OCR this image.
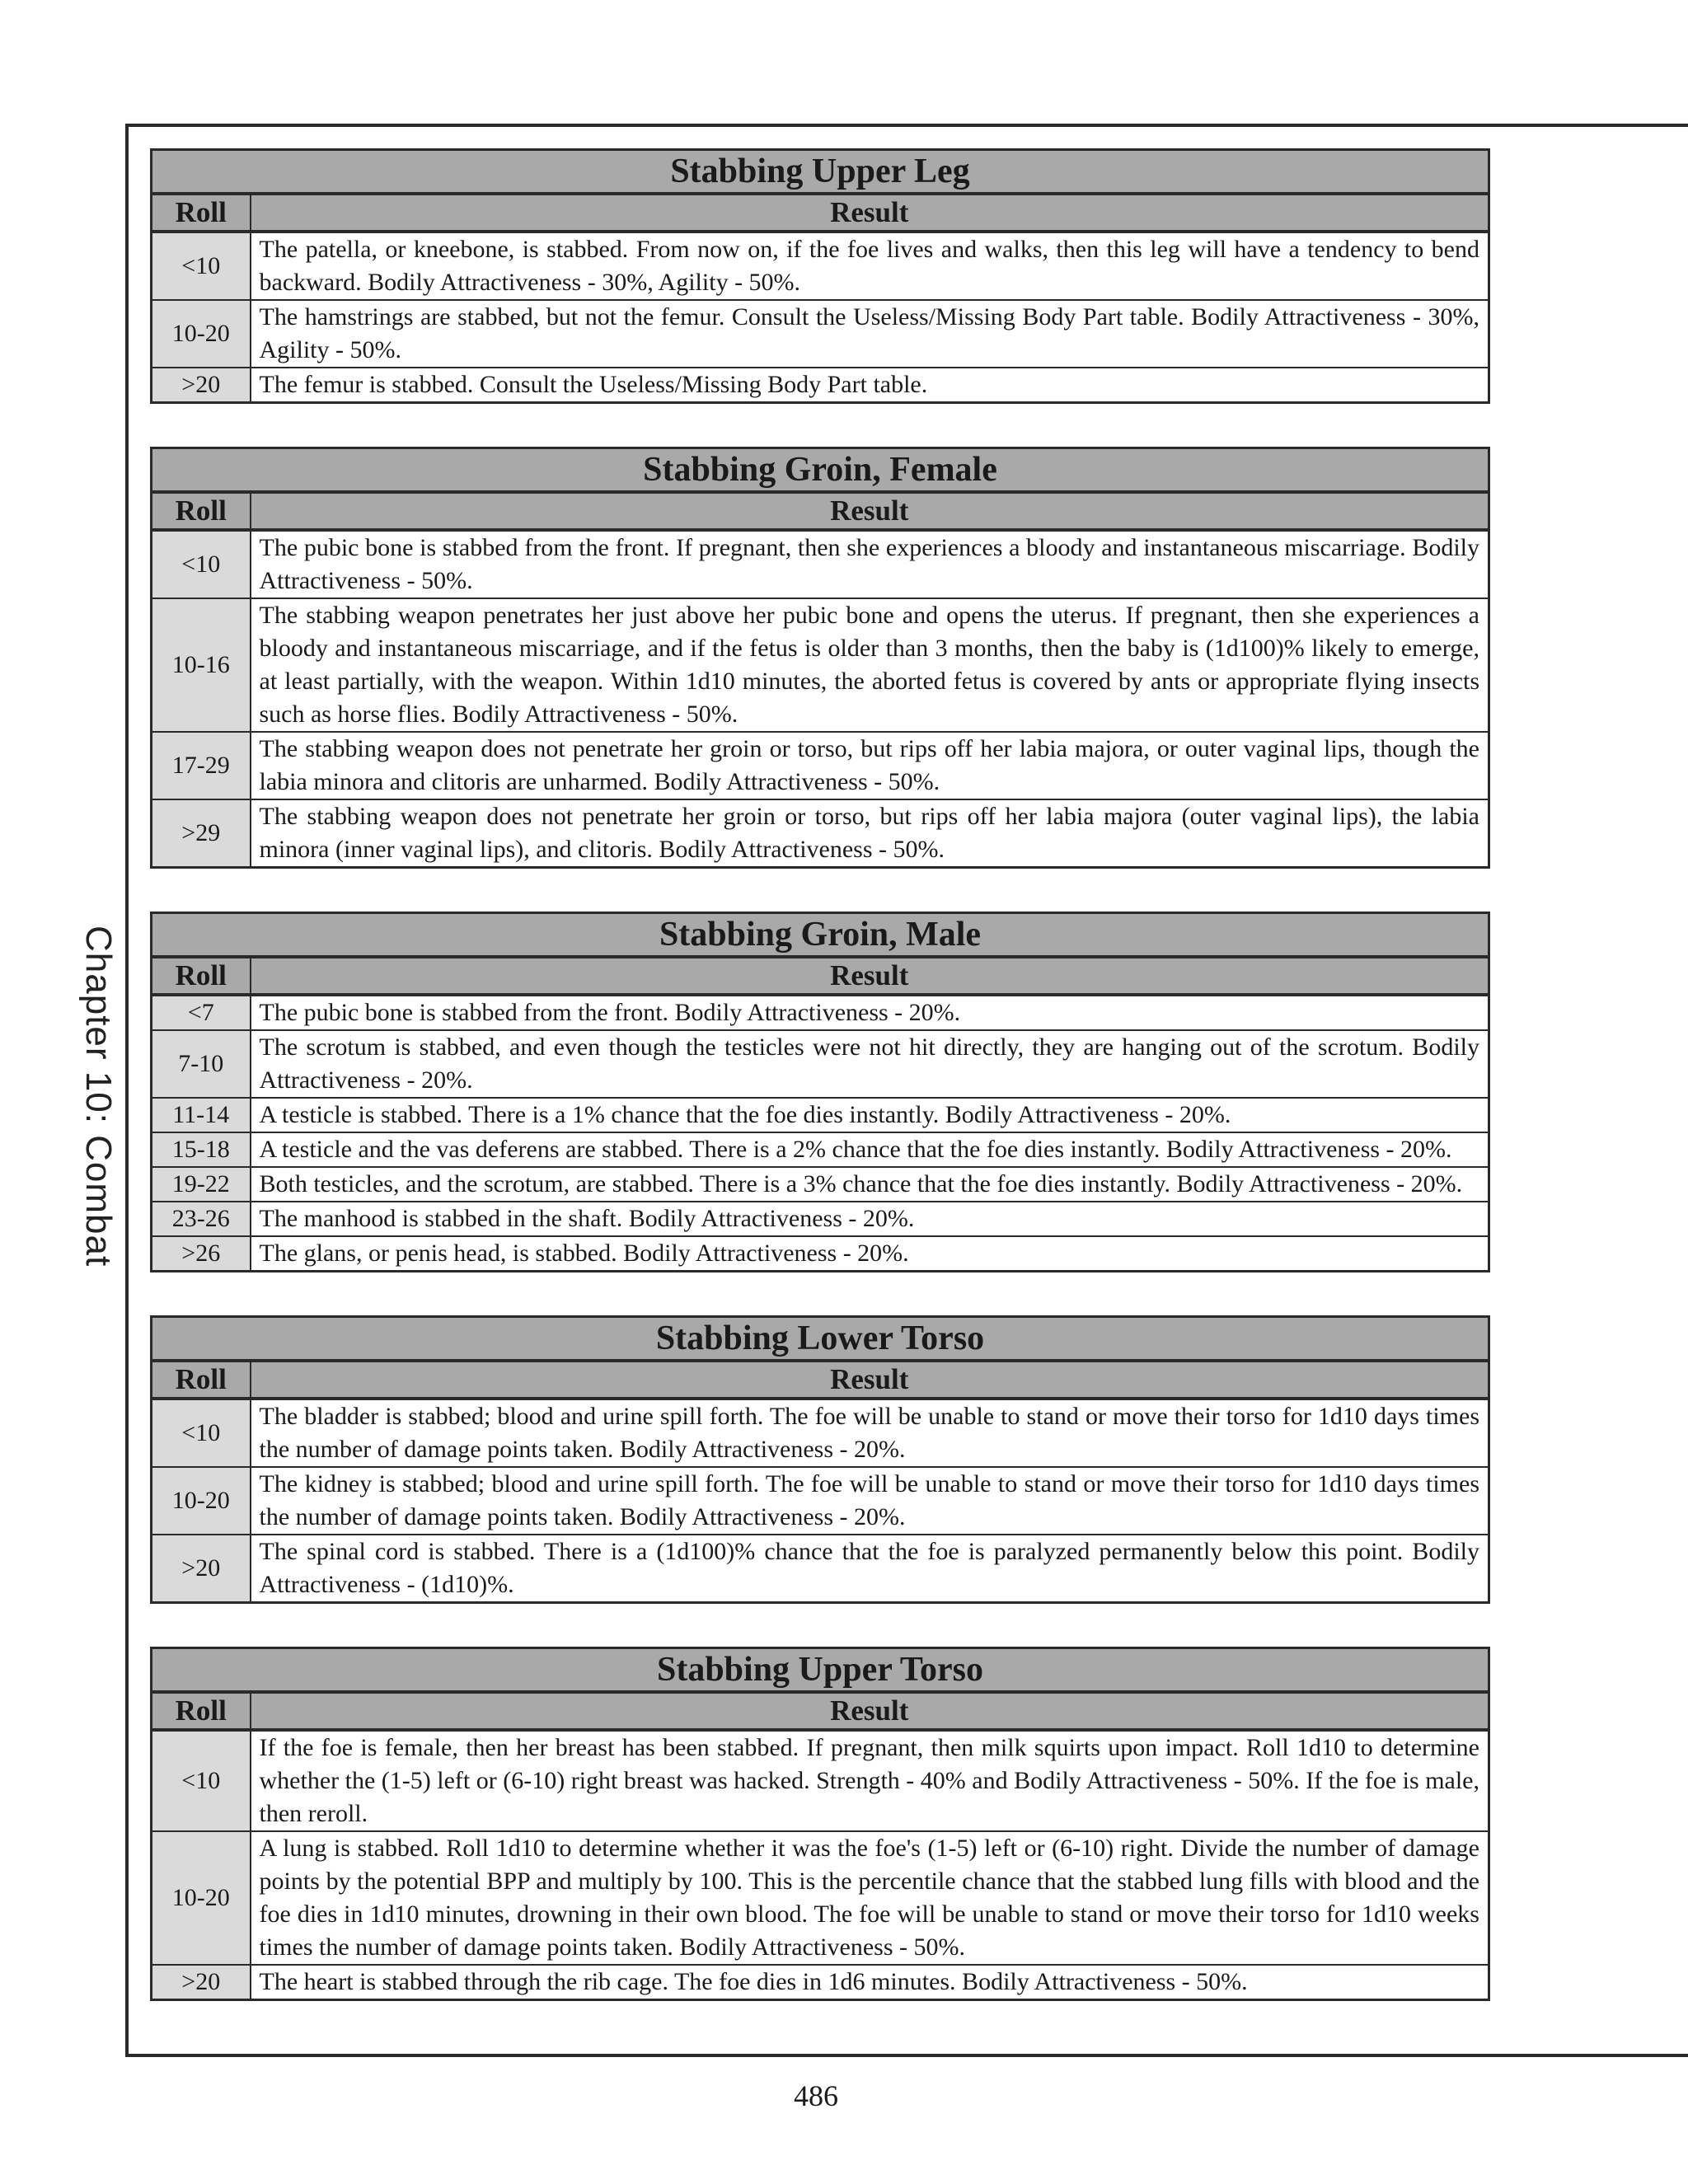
Chapter 10: Combat
Stabbing Upper Leg	
Roll	Result
<10	The patella, or kneebone, is stabbed. From now on, if the foe lives and walks, then this leg will have a tendency to bend backward. Bodily Attractiveness - 30%, Agility - 50%.
10-20	The hamstrings are stabbed, but not the femur. Consult the Useless/Missing Body Part table. Bodily Attractiveness - 30%, Agility - 50%.
>20	The femur is stabbed. Consult the Useless/Missing Body Part table.
Stabbing Groin, Female	
Roll	Result
<10	The pubic bone is stabbed from the front. If pregnant, then she experiences a bloody and instantaneous miscarriage. Bodily Attractiveness - 50%.
10-16	The stabbing weapon penetrates her just above her pubic bone and opens the uterus. If pregnant, then she experiences a bloody and instantaneous miscarriage, and if the fetus is older than 3 months, then the baby is (1d100)% likely to emerge, at least partially, with the weapon. Within 1d10 minutes, the aborted fetus is covered by ants or appropriate flying insects such as horse flies. Bodily Attractiveness - 50%.
17-29	The stabbing weapon does not penetrate her groin or torso, but rips off her labia majora, or outer vaginal lips, though the labia minora and clitoris are unharmed. Bodily Attractiveness - 50%.
>29	The stabbing weapon does not penetrate her groin or torso, but rips off her labia majora (outer vaginal lips), the labia minora (inner vaginal lips), and clitoris. Bodily Attractiveness - 50%.
Stabbing Groin, Male	
Roll	Result
<7	The pubic bone is stabbed from the front. Bodily Attractiveness - 20%.
7-10	The scrotum is stabbed, and even though the testicles were not hit directly, they are hanging out of the scrotum. Bodily Attractiveness - 20%.
11-14	A testicle is stabbed. There is a 1% chance that the foe dies instantly. Bodily Attractiveness - 20%.
15-18	A testicle and the vas deferens are stabbed. There is a 2% chance that the foe dies instantly. Bodily Attractiveness - 20%.
19-22	Both testicles, and the scrotum, are stabbed. There is a 3% chance that the foe dies instantly. Bodily Attractiveness - 20%.
23-26	The manhood is stabbed in the shaft. Bodily Attractiveness - 20%.
>26	The glans, or penis head, is stabbed. Bodily Attractiveness - 20%.
Stabbing Lower Torso	
Roll	Result
<10	The bladder is stabbed; blood and urine spill forth. The foe will be unable to stand or move their torso for 1d10 days times the number of damage points taken. Bodily Attractiveness - 20%.
10-20	The kidney is stabbed; blood and urine spill forth. The foe will be unable to stand or move their torso for 1d10 days times the number of damage points taken. Bodily Attractiveness - 20%.
>20	The spinal cord is stabbed. There is a (1d100)% chance that the foe is paralyzed permanently below this point. Bodily Attractiveness - (1d10)%.
Stabbing Upper Torso	
Roll	Result
<10	If the foe is female, then her breast has been stabbed. If pregnant, then milk squirts upon impact. Roll 1d10 to determine whether the (1-5) left or (6-10) right breast was hacked. Strength - 40% and Bodily Attractiveness - 50%. If the foe is male, then reroll.
10-20	A lung is stabbed. Roll 1d10 to determine whether it was the foe's (1-5) left or (6-10) right. Divide the number of damage points by the potential BPP and multiply by 100. This is the percentile chance that the stabbed lung fills with blood and the foe dies in 1d10 minutes, drowning in their own blood. The foe will be unable to stand or move their torso for 1d10 weeks times the number of damage points taken. Bodily Attractiveness - 50%.
>20	The heart is stabbed through the rib cage. The foe dies in 1d6 minutes. Bodily Attractiveness - 50%.
486
